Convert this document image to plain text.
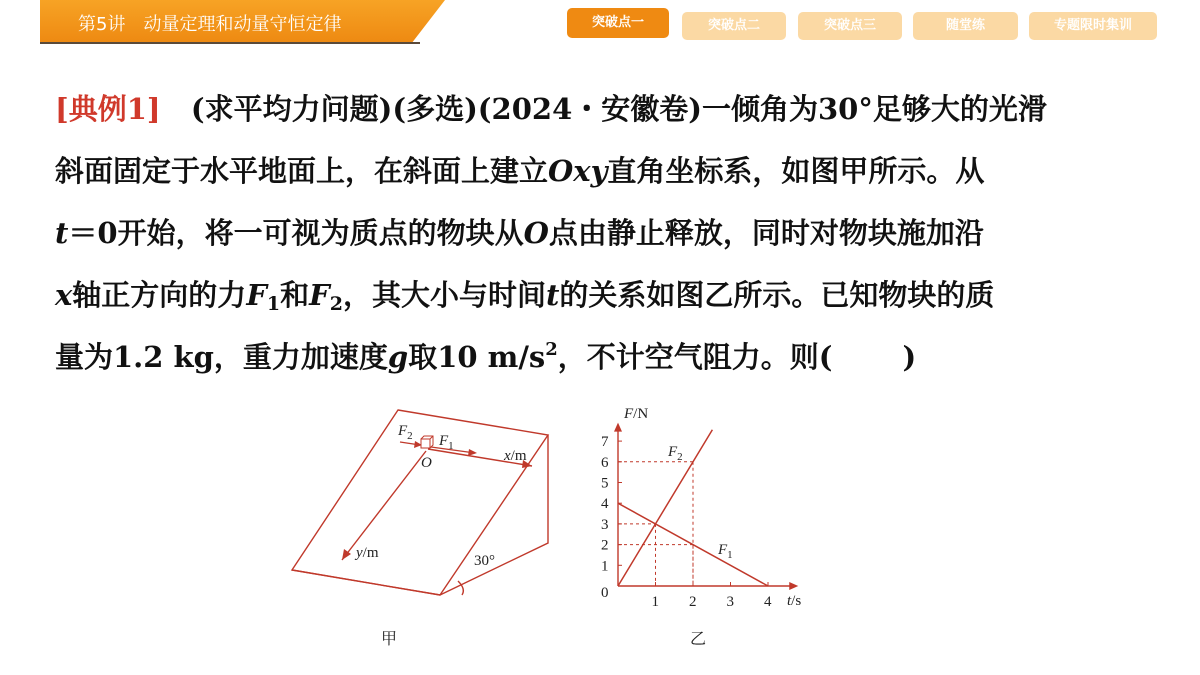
第5讲　动量定理和动量守恒定律	突破点一	突破点二	突破点三	随堂练	专题限时集训
[典例1] (求平均力问题)(多选)(2024・安徽卷)一倾角为30°足够大的光滑
斜面固定于水平地面上，在斜面上建立Oxy直角坐标系，如图甲所示。从
t＝0开始，将一可视为质点的物块从O点由静止释放，同时对物块施加沿
x轴正方向的力$F_1$和$F_2$，其大小与时间t的关系如图乙所示。已知物块的质
量为1.2 kg，重力加速度g取10 $m/s^2$，不计空气阻力。则( )
$F_2$ $F_1$
O	x/m
y/m	30°
甲
1
2
3
4
5
6
7
1 2 3 4
F/N
t/s
0
$F_2$
$F_1$
乙
